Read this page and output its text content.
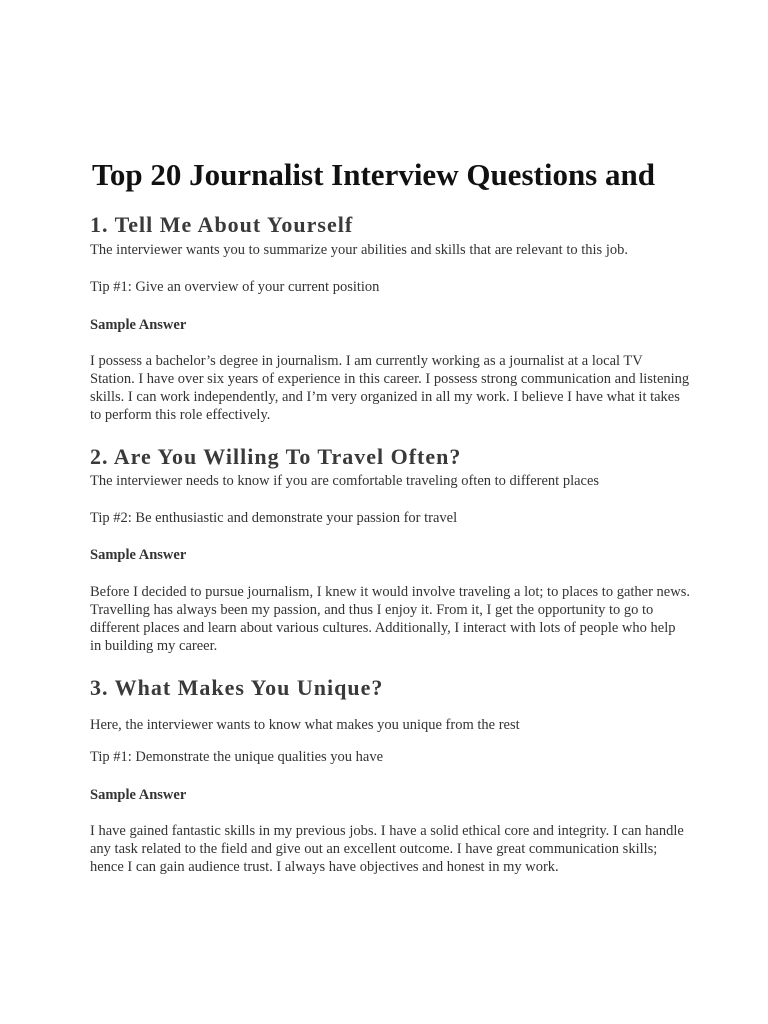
Top 20 Journalist Interview Questions and
1. Tell Me About Yourself

The interviewer wants you to summarize your abilities and skills that are relevant to this job.

Tip #1: Give an overview of your current position

Sample Answer

I possess a bachelor’s degree in journalism. I am currently working as a journalist at a local TV Station. I have over six years of experience in this career. I possess strong communication and listening skills. I can work independently, and I’m very organized in all my work. I believe I have what it takes to perform this role effectively.

2. Are You Willing To Travel Often?

The interviewer needs to know if you are comfortable traveling often to different places

Tip #2: Be enthusiastic and demonstrate your passion for travel

Sample Answer

Before I decided to pursue journalism, I knew it would involve traveling a lot; to places to gather news. Travelling has always been my passion, and thus I enjoy it. From it, I get the opportunity to go to different places and learn about various cultures. Additionally, I interact with lots of people who help in building my career.

3. What Makes You Unique?

Here, the interviewer wants to know what makes you unique from the rest

Tip #1: Demonstrate the unique qualities you have

Sample Answer

I have gained fantastic skills in my previous jobs. I have a solid ethical core and integrity. I can handle any task related to the field and give out an excellent outcome. I have great communication skills; hence I can gain audience trust. I always have objectives and honest in my work.
